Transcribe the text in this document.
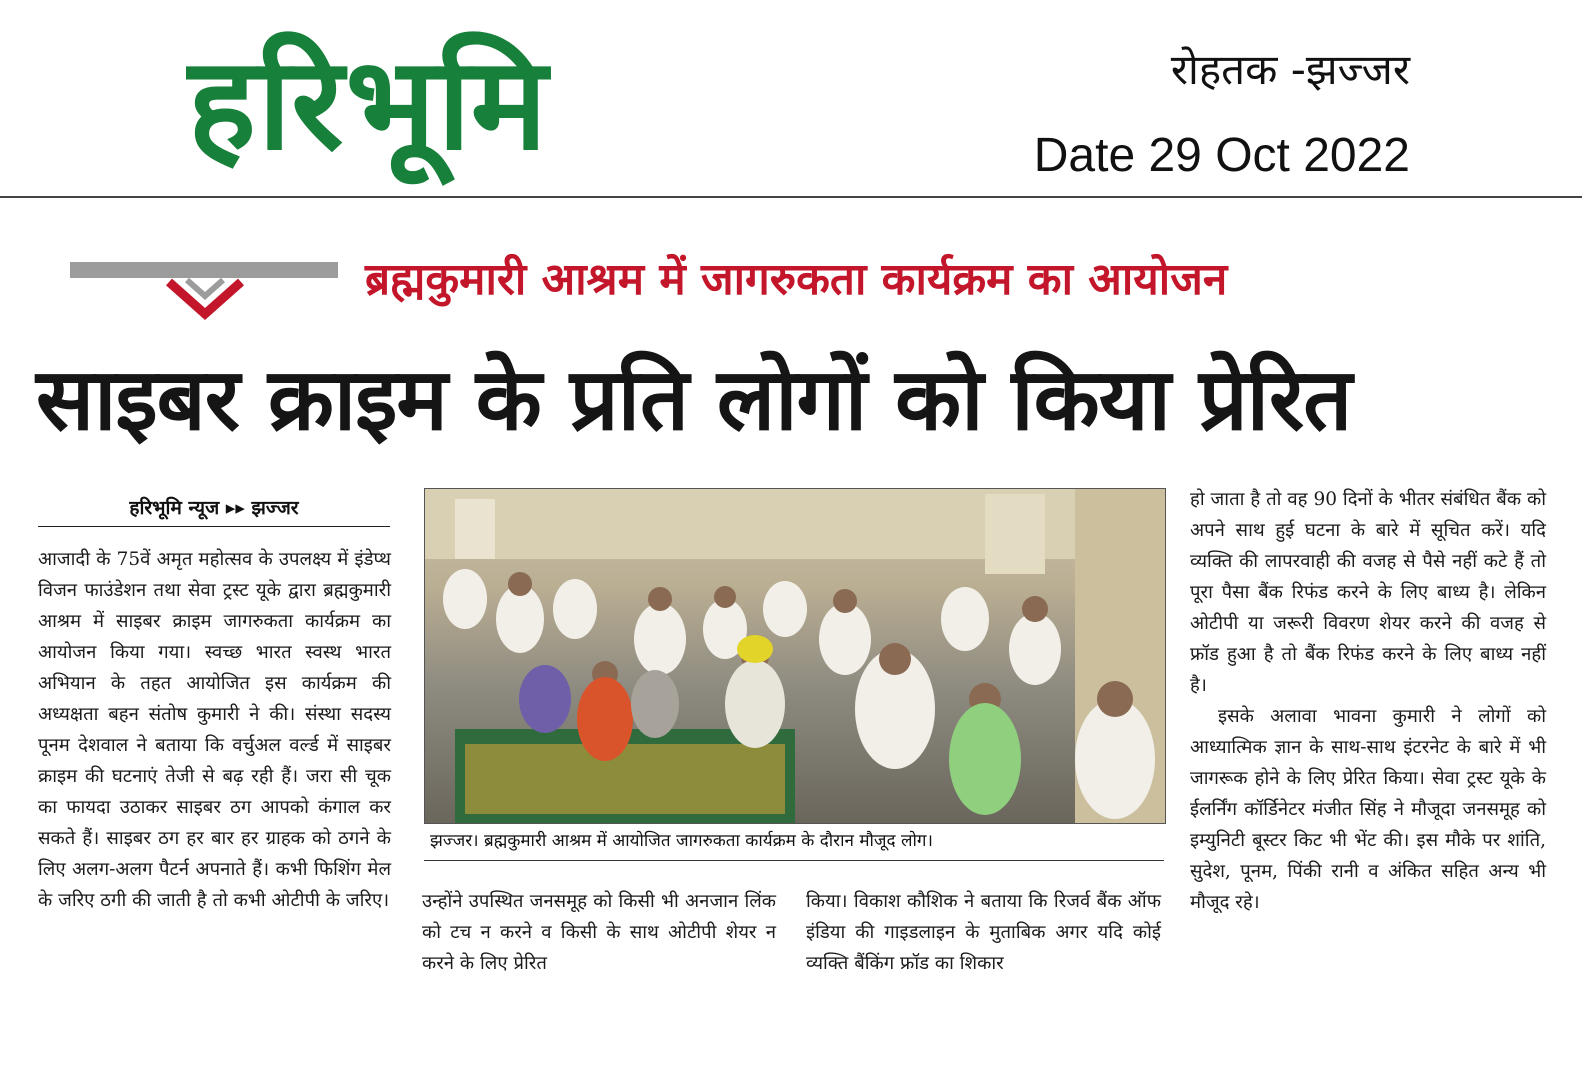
हरिभूमि	रोहतक -झज्जर
Date 29 Oct 2022
ब्रह्मकुमारी आश्रम में जागरुकता कार्यक्रम का आयोजन
साइबर क्राइम के प्रति लोगों को किया प्रेरित
हरिभूमि न्यूज ▸▸ झज्जर

आजादी के 75वें अमृत महोत्सव के उपलक्ष्य में इंडेप्थ विजन फाउंडेशन तथा सेवा ट्रस्ट यूके द्वारा ब्रह्मकुमारी आश्रम में साइबर क्राइम जागरुकता कार्यक्रम का आयोजन किया गया। स्वच्छ भारत स्वस्थ भारत अभियान के तहत आयोजित इस कार्यक्रम की अध्यक्षता बहन संतोष कुमारी ने की। संस्था सदस्य पूनम देशवाल ने बताया कि वर्चुअल वर्ल्ड में साइबर क्राइम की घटनाएं तेजी से बढ़ रही हैं। जरा सी चूक का फायदा उठाकर साइबर ठग आपको कंगाल कर सकते हैं। साइबर ठग हर बार हर ग्राहक को ठगने के लिए अलग-अलग पैटर्न अपनाते हैं। कभी फिशिंग मेल के जरिए ठगी की जाती है तो कभी ओटीपी के जरिए।

झज्जर। ब्रह्मकुमारी आश्रम में आयोजित जागरुकता कार्यक्रम के दौरान मौजूद लोग।

उन्होंने उपस्थित जनसमूह को किसी भी अनजान लिंक को टच न करने व किसी के साथ ओटीपी शेयर न करने के लिए प्रेरित

किया। विकाश कौशिक ने बताया कि रिजर्व बैंक ऑफ इंडिया की गाइडलाइन के मुताबिक अगर यदि कोई व्यक्ति बैंकिंग फ्रॉड का शिकार

हो जाता है तो वह 90 दिनों के भीतर संबंधित बैंक को अपने साथ हुई घटना के बारे में सूचित करें। यदि व्यक्ति की लापरवाही की वजह से पैसे नहीं कटे हैं तो पूरा पैसा बैंक रिफंड करने के लिए बाध्य है। लेकिन ओटीपी या जरूरी विवरण शेयर करने की वजह से फ्रॉड हुआ है तो बैंक रिफंड करने के लिए बाध्य नहीं है।

इसके अलावा भावना कुमारी ने लोगों को आध्यात्मिक ज्ञान के साथ-साथ इंटरनेट के बारे में भी जागरूक होने के लिए प्रेरित किया। सेवा ट्रस्ट यूके के ईलर्निंग कॉर्डिनेटर मंजीत सिंह ने मौजूदा जनसमूह को इम्युनिटी बूस्टर किट भी भेंट की। इस मौके पर शांति, सुदेश, पूनम, पिंकी रानी व अंकित सहित अन्य भी मौजूद रहे।
